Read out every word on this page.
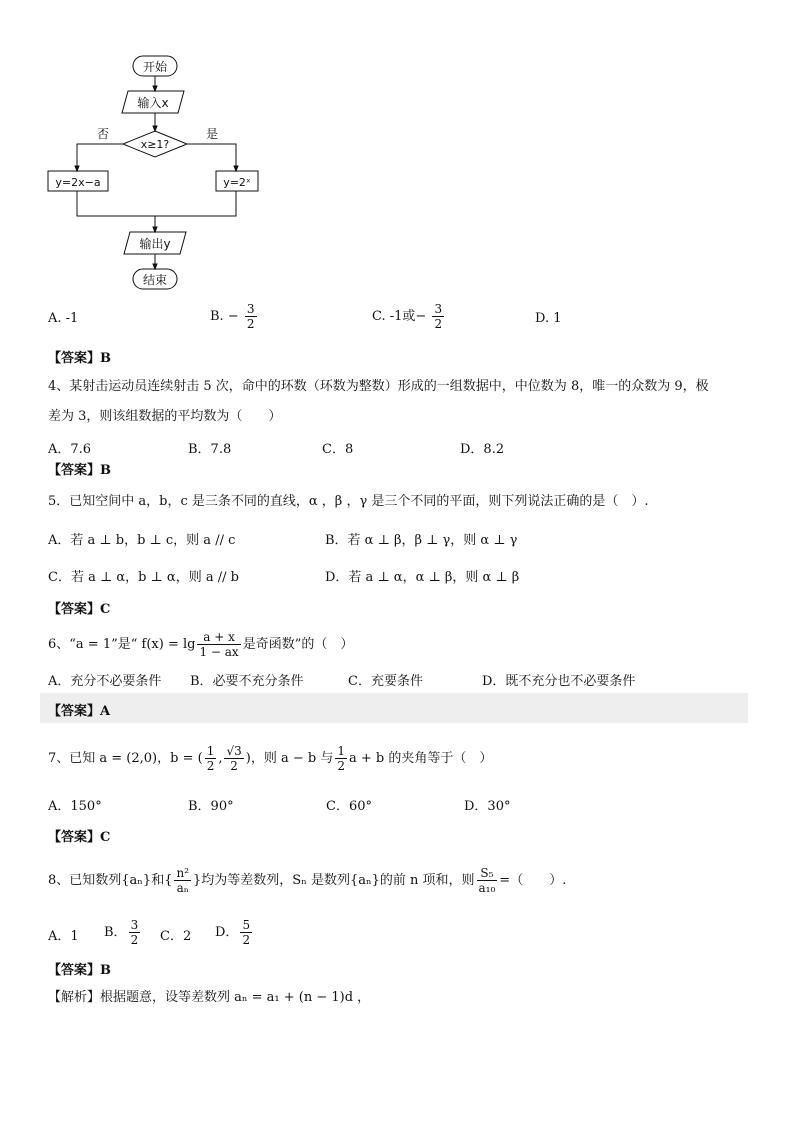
开始
输入x
x≥1?
否	是
y=2x−a	y=2ˣ
输出y
结束
A. -1	B. − $\frac{3}{2}$	C. -1或− $\frac{3}{2}$	D. 1
【答案】B
4、某射击运动员连续射击 5 次，命中的环数（环数为整数）形成的一组数据中，中位数为 8，唯一的众数为 9，极
差为 3，则该组数据的平均数为（　　）
A．7.6	B．7.8	C．8	D．8.2
【答案】B
5．已知空间中 a，b，c 是三条不同的直线，α ，β ，γ 是三个不同的平面，则下列说法正确的是（　）.
A．若 a ⊥ b，b ⊥ c，则 a // c	B．若 α ⊥ β，β ⊥ γ，则 α ⊥ γ
C．若 a ⊥ α，b ⊥ α，则 a // b	D．若 a ⊥ α，α ⊥ β，则 α ⊥ β
【答案】C
6、“a = 1”是“ $f(x) = \lg \frac{a + x}{1 - ax}$ 是奇函数”的（　）
A．充分不必要条件 B．必要不充分条件	C．充要条件	D．既不充分也不必要条件
【答案】A
7、已知 a = (2,0)，b = ( $\frac{1}{2}$ , $\frac{√3}{2}$ )，则 a − b 与 $\frac{1}{2}$ a + b 的夹角等于（　）
A．150°	B．90°	C．60°	D．30°
【答案】C
8、已知数列{aₙ}和{ $\frac{\text{n²}}{\text{aₙ}}$ }均为等差数列，Sₙ 是数列{aₙ}的前 n 项和，则 $\frac{\text{S₅}}{\text{a₁₀}}$ =（　　）.
A．1 B． $\frac{3}{2}$ C．2 D． $\frac{5}{2}$
【答案】B
【解析】根据题意，设等差数列 aₙ = a₁ + (n − 1)d ，
